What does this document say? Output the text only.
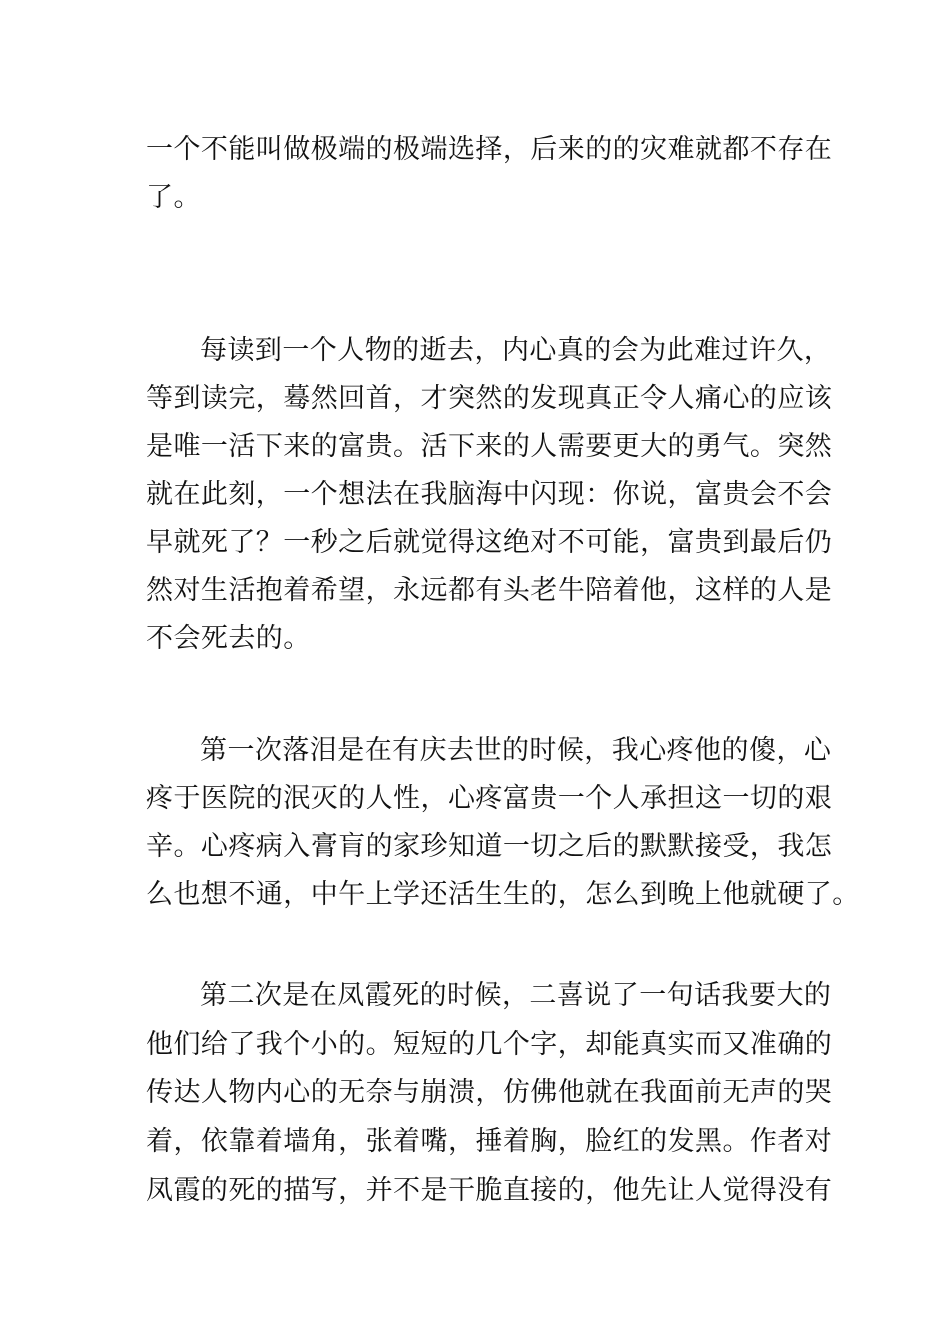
一个不能叫做极端的极端选择，后来的的灾难就都不存在
了。
每读到一个人物的逝去，内心真的会为此难过许久，
等到读完，蓦然回首，才突然的发现真正令人痛心的应该
是唯一活下来的富贵。活下来的人需要更大的勇气。突然
就在此刻，一个想法在我脑海中闪现：你说，富贵会不会
早就死了？一秒之后就觉得这绝对不可能，富贵到最后仍
然对生活抱着希望，永远都有头老牛陪着他，这样的人是
不会死去的。
第一次落泪是在有庆去世的时候，我心疼他的傻，心
疼于医院的泯灭的人性，心疼富贵一个人承担这一切的艰
辛。心疼病入膏肓的家珍知道一切之后的默默接受，我怎
么也想不通，中午上学还活生生的，怎么到晚上他就硬了。
第二次是在凤霞死的时候，二喜说了一句话我要大的
他们给了我个小的。短短的几个字，却能真实而又准确的
传达人物内心的无奈与崩溃，仿佛他就在我面前无声的哭
着，依靠着墙角，张着嘴，捶着胸，脸红的发黑。作者对
凤霞的死的描写，并不是干脆直接的，他先让人觉得没有
